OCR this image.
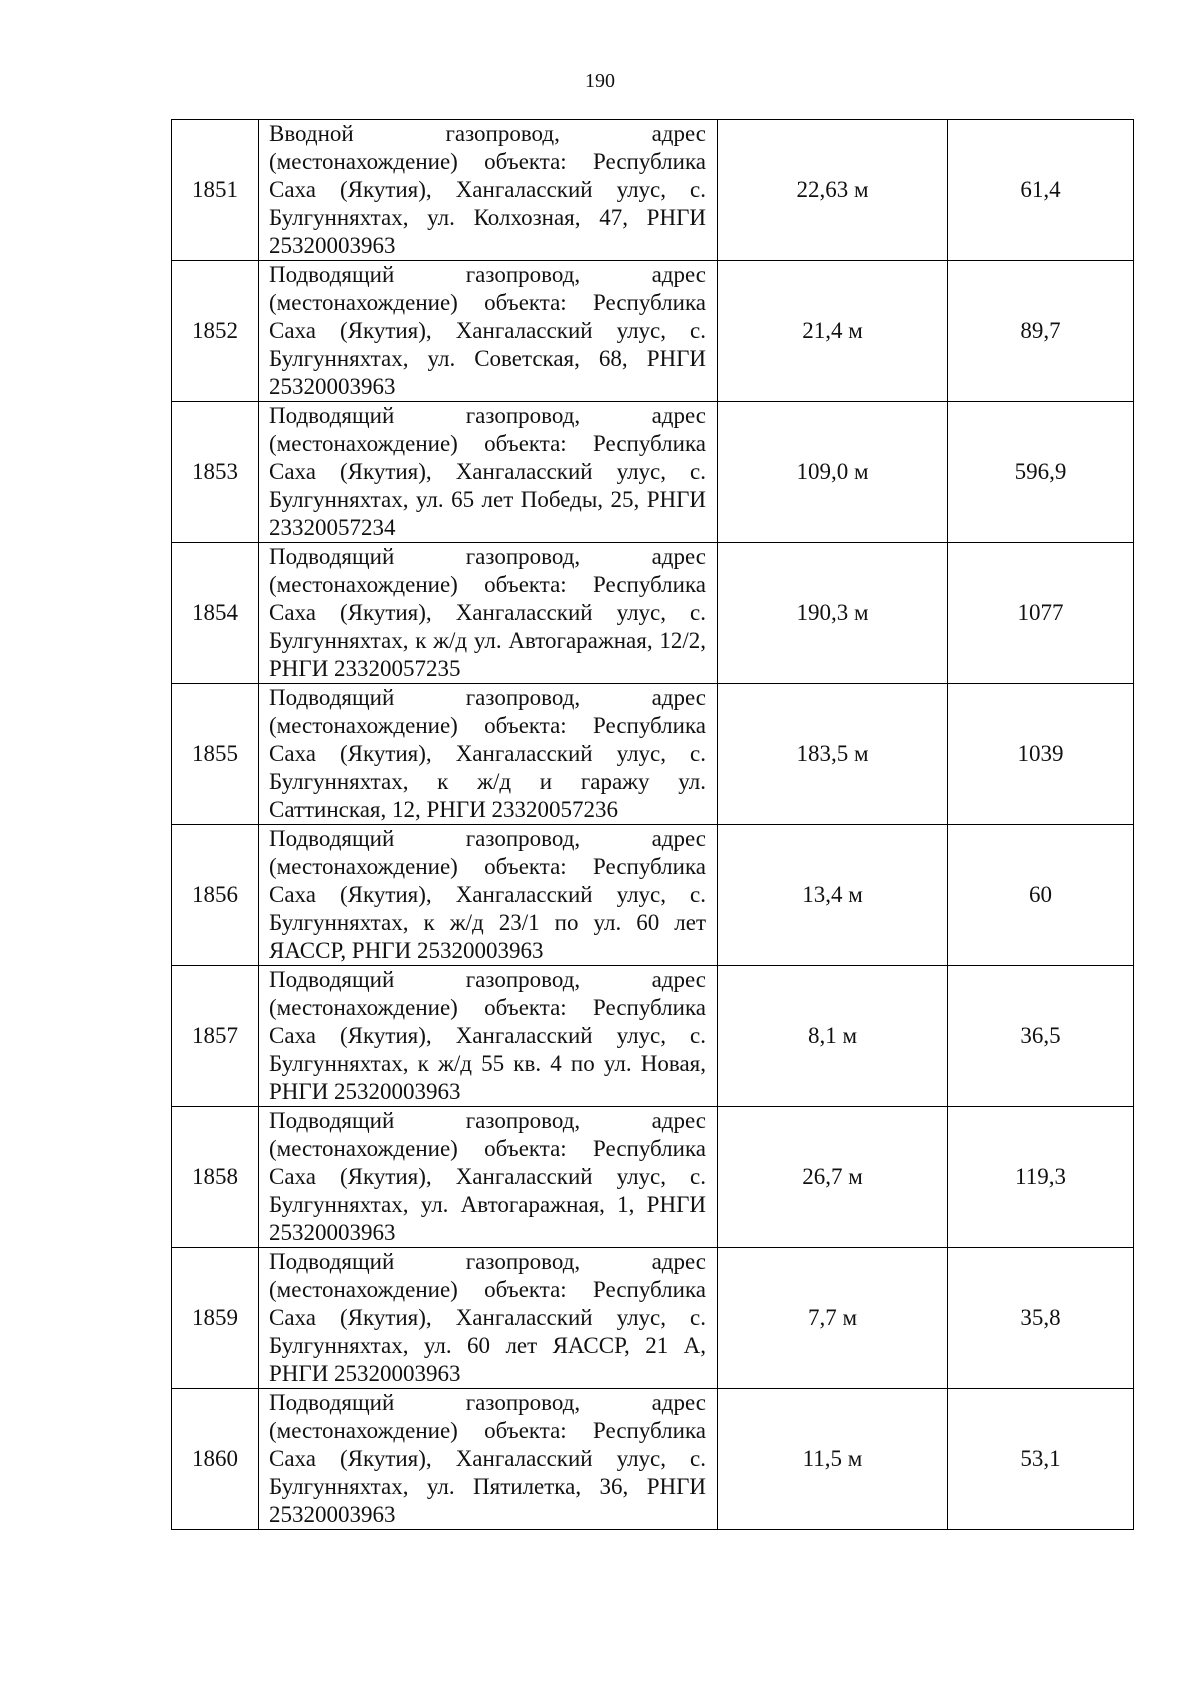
190
1851	Вводной газопровод, адрес (местонахождение) объекта: Республика Саха (Якутия), Хангаласский улус, с. Булгунняхтах, ул. Колхозная, 47, РНГИ 25320003963	22,63 м	61,4
1852	Подводящий газопровод, адрес (местонахождение) объекта: Республика Саха (Якутия), Хангаласский улус, с. Булгунняхтах, ул. Советская, 68, РНГИ 25320003963	21,4 м	89,7
1853	Подводящий газопровод, адрес (местонахождение) объекта: Республика Саха (Якутия), Хангаласский улус, с. Булгунняхтах, ул. 65 лет Победы, 25, РНГИ 23320057234	109,0 м	596,9
1854	Подводящий газопровод, адрес (местонахождение) объекта: Республика Саха (Якутия), Хангаласский улус, с. Булгунняхтах, к ж/д ул. Автогаражная, 12/2, РНГИ 23320057235	190,3 м	1077
1855	Подводящий газопровод, адрес (местонахождение) объекта: Республика Саха (Якутия), Хангаласский улус, с. Булгунняхтах, к ж/д и гаражу ул. Саттинская, 12, РНГИ 23320057236	183,5 м	1039
1856	Подводящий газопровод, адрес (местонахождение) объекта: Республика Саха (Якутия), Хангаласский улус, с. Булгунняхтах, к ж/д 23/1 по ул. 60 лет ЯАССР, РНГИ 25320003963	13,4 м	60
1857	Подводящий газопровод, адрес (местонахождение) объекта: Республика Саха (Якутия), Хангаласский улус, с. Булгунняхтах, к ж/д 55 кв. 4 по ул. Новая, РНГИ 25320003963	8,1 м	36,5
1858	Подводящий газопровод, адрес (местонахождение) объекта: Республика Саха (Якутия), Хангаласский улус, с. Булгунняхтах, ул. Автогаражная, 1, РНГИ 25320003963	26,7 м	119,3
1859	Подводящий газопровод, адрес (местонахождение) объекта: Республика Саха (Якутия), Хангаласский улус, с. Булгунняхтах, ул. 60 лет ЯАССР, 21 А, РНГИ 25320003963	7,7 м	35,8
1860	Подводящий газопровод, адрес (местонахождение) объекта: Республика Саха (Якутия), Хангаласский улус, с. Булгунняхтах, ул. Пятилетка, 36, РНГИ 25320003963	11,5 м	53,1
